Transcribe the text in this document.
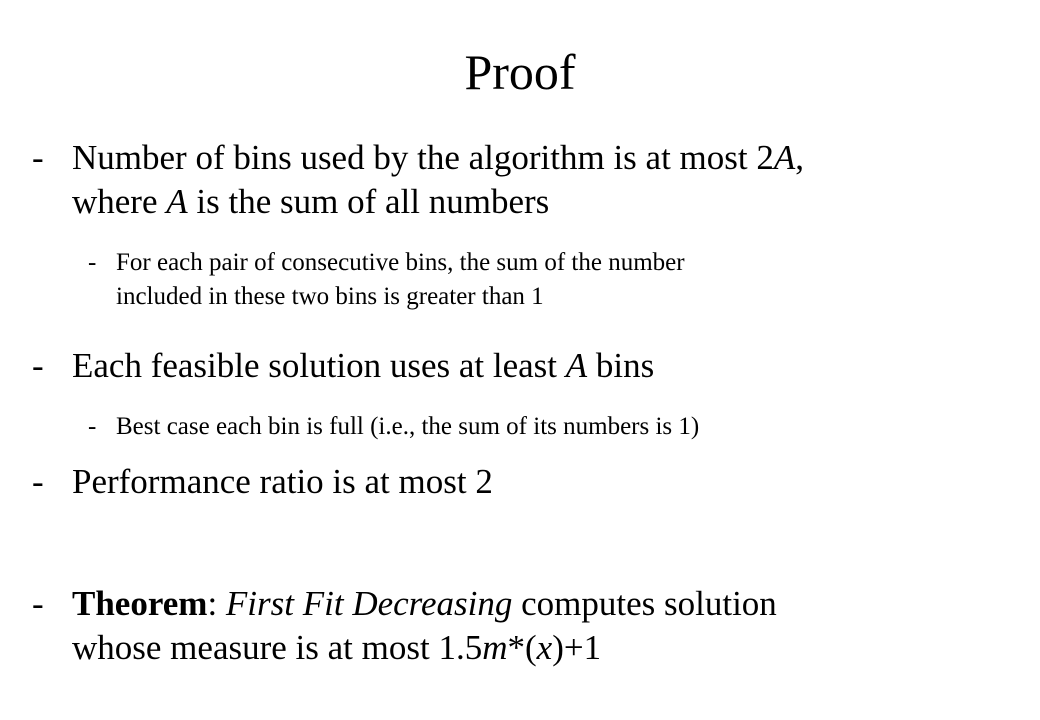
Proof
- Number of bins used by the algorithm is at most 2A,
where A is the sum of all numbers
- For each pair of consecutive bins, the sum of the number
included in these two bins is greater than 1
- Each feasible solution uses at least A bins
- Best case each bin is full (i.e., the sum of its numbers is 1)
- Performance ratio is at most 2
- Theorem: First Fit Decreasing computes solution
whose measure is at most 1.5m*(x)+1
